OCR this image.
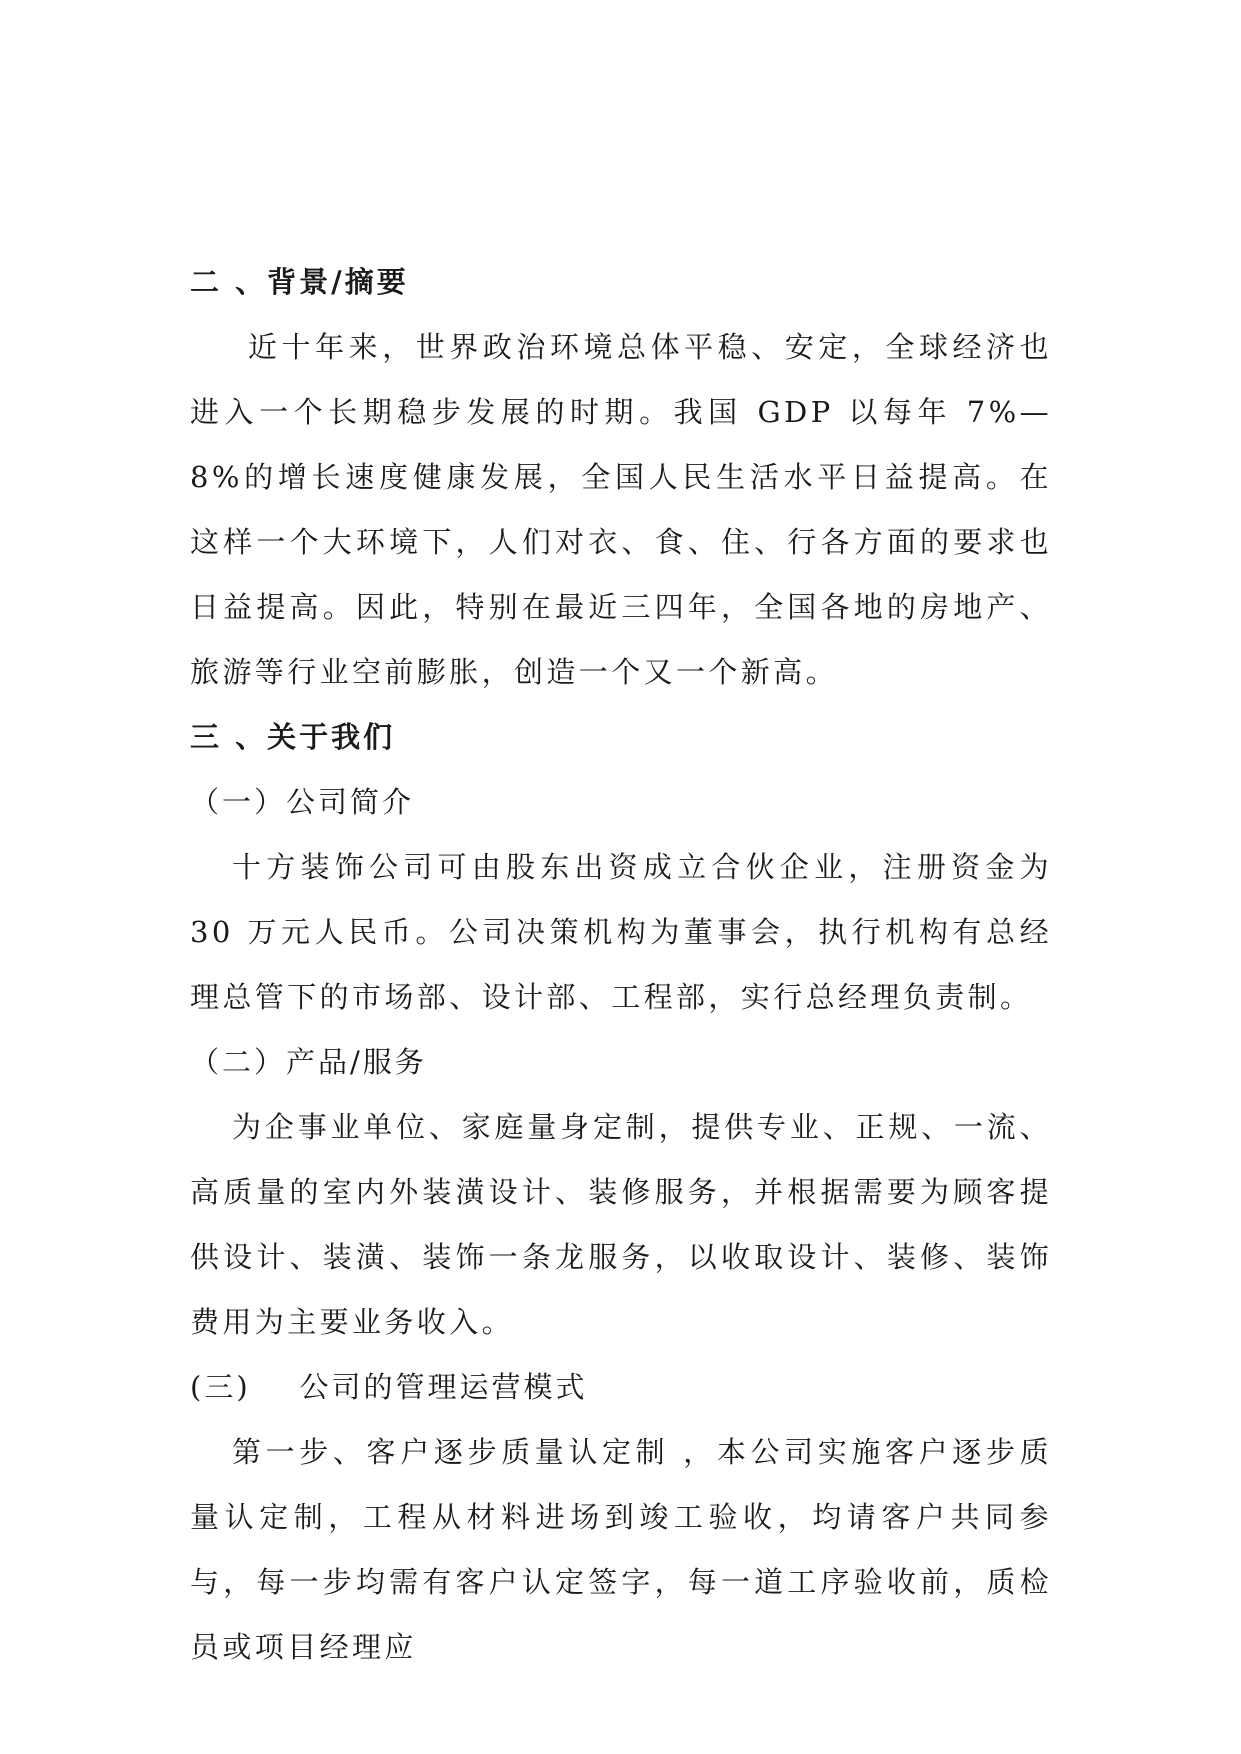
二 、背景/摘要

近十年来，世界政治环境总体平稳、安定，全球经济也进入一个长期稳步发展的时期。我国 GDP 以每年 7%—8%的增长速度健康发展，全国人民生活水平日益提高。在这样一个大环境下，人们对衣、食、住、行各方面的要求也日益提高。因此，特别在最近三四年，全国各地的房地产、旅游等行业空前膨胀，创造一个又一个新高。

三 、关于我们
（一）公司简介

十方装饰公司可由股东出资成立合伙企业，注册资金为 30 万元人民币。公司决策机构为董事会，执行机构有总经理总管下的市场部、设计部、工程部，实行总经理负责制。

（二）产品/服务

为企事业单位、家庭量身定制，提供专业、正规、一流、高质量的室内外装潢设计、装修服务，并根据需要为顾客提供设计、装潢、装饰一条龙服务，以收取设计、装修、装饰费用为主要业务收入。

(三)    公司的管理运营模式

第一步、客户逐步质量认定制 ，本公司实施客户逐步质量认定制，工程从材料进场到竣工验收，均请客户共同参与，每一步均需有客户认定签字，每一道工序验收前，质检员或项目经理应
